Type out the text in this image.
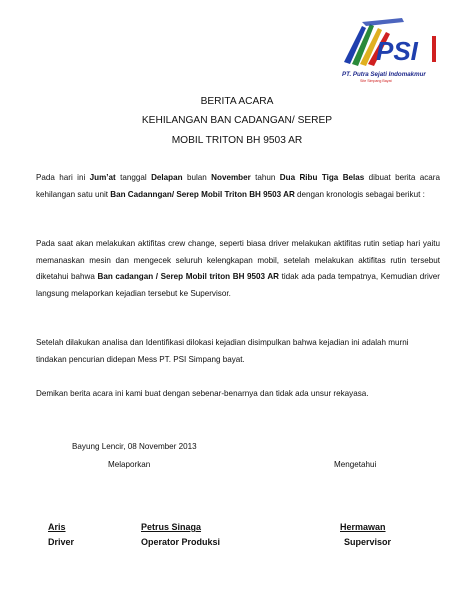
PSI
PT. Putra Sejati Indomakmur
Site Simpang Bayat
BERITA ACARA
KEHILANGAN BAN CADANGAN/ SEREP
MOBIL TRITON BH 9503 AR
Pada hari ini Jum’at tanggal Delapan bulan November tahun Dua Ribu Tiga Belas dibuat berita acara kehilangan satu unit Ban Cadanngan/ Serep Mobil Triton BH 9503 AR dengan kronologis sebagai berikut :
Pada saat akan melakukan aktifitas crew change, seperti biasa driver melakukan aktifitas rutin setiap hari yaitu memanaskan mesin dan mengecek seluruh kelengkapan mobil, setelah melakukan aktifitas rutin tersebut diketahui bahwa Ban cadangan / Serep Mobil triton BH 9503 AR tidak ada pada tempatnya, Kemudian driver langsung melaporkan kejadian tersebut ke Supervisor.
Setelah dilakukan analisa dan Identifikasi dilokasi kejadian disimpulkan bahwa kejadian ini adalah murni tindakan pencurian didepan Mess PT. PSI Simpang bayat.
Demikan berita acara ini kami buat dengan sebenar-benarnya dan tidak ada unsur rekayasa.
Bayung Lencir, 08 November 2013
Melaporkan	Mengetahui
Aris
Driver
Petrus Sinaga
Operator Produksi
Hermawan
Supervisor
